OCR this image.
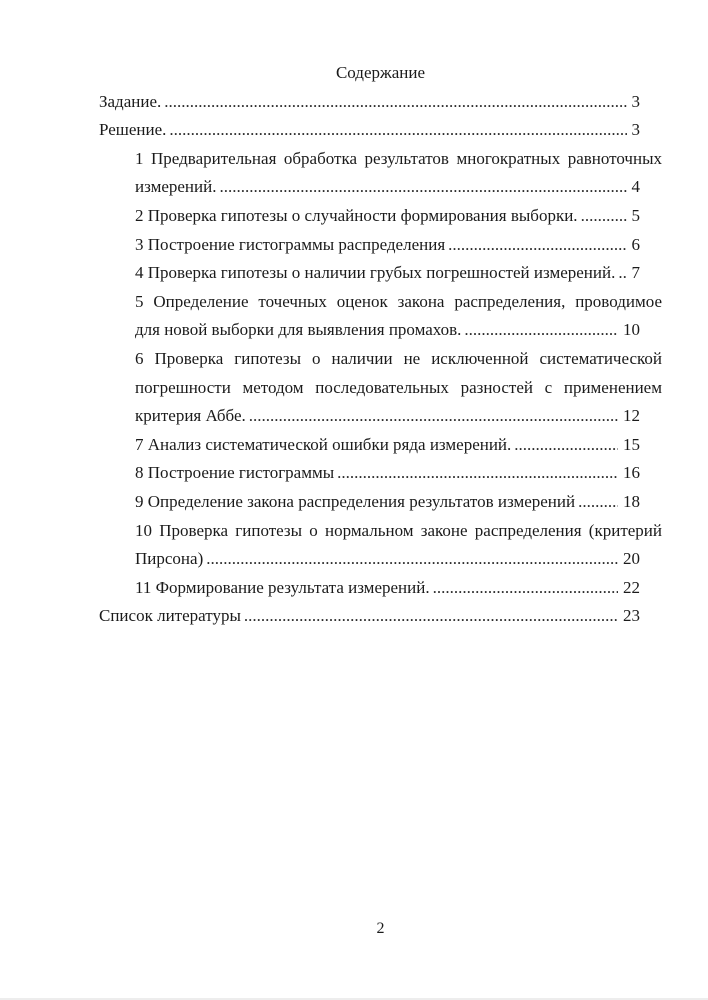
Содержание
Задание. .....	3
Решение. .....	3
1 Предварительная обработка результатов многократных равноточных
измерений. .....	4
2 Проверка гипотезы о случайности формирования выборки. .....	5
3 Построение гистограммы распределения .....	6
4 Проверка гипотезы о наличии грубых погрешностей измерений. ..... 7
5 Определение точечных оценок закона распределения, проводимое
для новой выборки для выявления промахов. .....	10
6 Проверка гипотезы о наличии не исключенной систематической
погрешности методом последовательных разностей с применением
критерия Аббе. .....	12
7 Анализ систематической ошибки ряда измерений. .....	15
8 Построение гистограммы .....	16
9 Определение закона распределения результатов измерений .....	18
10 Проверка гипотезы о нормальном законе распределения (критерий
Пирсона) .....	20
11 Формирование результата измерений. .....	22
Список литературы .....	23
2
